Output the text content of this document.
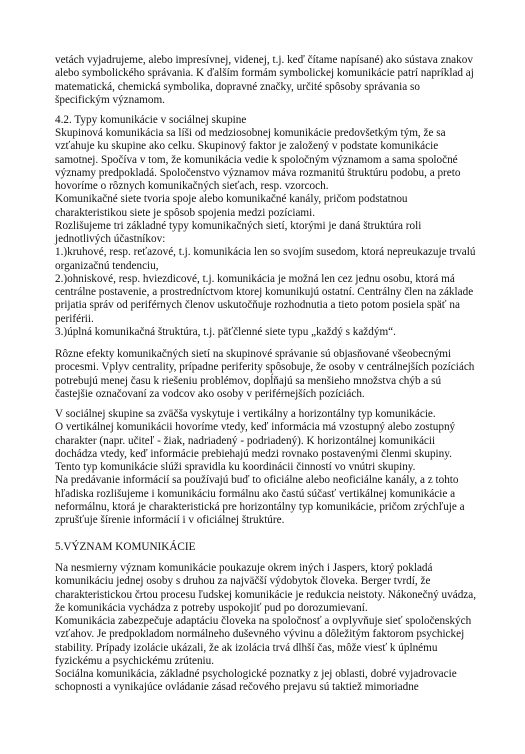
vetách vyjadrujeme, alebo impresívnej, videnej, t.j. keď čítame napísané) ako sústava znakov
alebo symbolického správania. K ďalším formám symbolickej komunikácie patrí napríklad aj
matematická, chemická symbolika, dopravné značky, určité spôsoby správania so
špecifickým významom.
4.2. Typy komunikácie v sociálnej skupine
Skupinová komunikácia sa líši od medziosobnej komunikácie predovšetkým tým, že sa
vzťahuje ku skupine ako celku. Skupinový faktor je založený v podstate komunikácie
samotnej. Spočíva v tom, že komunikácia vedie k spoločným významom a sama spoločné
významy predpokladá. Spoločenstvo významov máva rozmanitú štruktúru podobu, a preto
hovoríme o rôznych komunikačných sieťach, resp. vzorcoch.
Komunikačné siete tvoria spoje alebo komunikačné kanály, pričom podstatnou
charakteristikou siete je spôsob spojenia medzi pozíciami.
Rozlišujeme tri základné typy komunikačných sietí, ktorými je daná štruktúra roli
jednotlivých účastníkov:
1.)kruhové, resp. reťazové, t.j. komunikácia len so svojím susedom, ktorá nepreukazuje trvalú
organizačnú tendenciu,
2.)ohniskové, resp. hviezdicové, t.j. komunikácia je možná len cez jednu osobu, ktorá má
centrálne postavenie, a prostredníctvom ktorej komunikujú ostatní. Centrálny člen na základe
prijatia správ od periférnych členov uskutočňuje rozhodnutia a tieto potom posiela späť na
periférii.
3.)úplná komunikačná štruktúra, t.j. päťčlenné siete typu „každý s každým“.
Rôzne efekty komunikačných sietí na skupinové správanie sú objasňované všeobecnými
procesmi. Vplyv centrality, prípadne periferity spôsobuje, že osoby v centrálnejších pozíciách
potrebujú menej času k riešeniu problémov, dopĺňajú sa menšieho množstva chýb a sú
častejšie označovaní za vodcov ako osoby v periférnejších pozíciách.
V sociálnej skupine sa zväčša vyskytuje i vertikálny a horizontálny typ komunikácie.
O vertikálnej komunikácii hovoríme vtedy, keď informácia má vzostupný alebo zostupný
charakter (napr. učiteľ - žiak, nadriadený - podriadený). K horizontálnej komunikácii
dochádza vtedy, keď informácie prebiehajú medzi rovnako postavenými členmi skupiny.
Tento typ komunikácie slúži spravidla ku koordinácii činností vo vnútri skupiny.
Na predávanie informácií sa používajú buď to oficiálne alebo neoficiálne kanály, a z tohto
hľadiska rozlišujeme i komunikáciu formálnu ako častú súčasť vertikálnej komunikácie a
neformálnu, ktorá je charakteristická pre horizontálny typ komunikácie, pričom zrýchľuje a
zprušťuje šírenie informácií i v oficiálnej štruktúre.
5.VÝZNAM KOMUNIKÁCIE
Na nesmierny význam komunikácie poukazuje okrem iných i Jaspers, ktorý pokladá
komunikáciu jednej osoby s druhou za najväčší výdobytok človeka. Berger tvrdí, že
charakteristickou črtou procesu ľudskej komunikácie je redukcia neistoty. Nákonečný uvádza,
že komunikácia vychádza z potreby uspokojiť pud po dorozumievaní.
Komunikácia zabezpečuje adaptáciu človeka na spoločnosť a ovplyvňuje sieť spoločenských
vzťahov. Je predpokladom normálneho duševného vývinu a dôležitým faktorom psychickej
stability. Prípady izolácie ukázali, že ak izolácia trvá dlhší čas, môže viesť k úplnému
fyzickému a psychickému zrúteniu.
Sociálna komunikácia, základné psychologické poznatky z jej oblasti, dobré vyjadrovacie
schopnosti a vynikajúce ovládanie zásad rečového prejavu sú taktiež mimoriadne
